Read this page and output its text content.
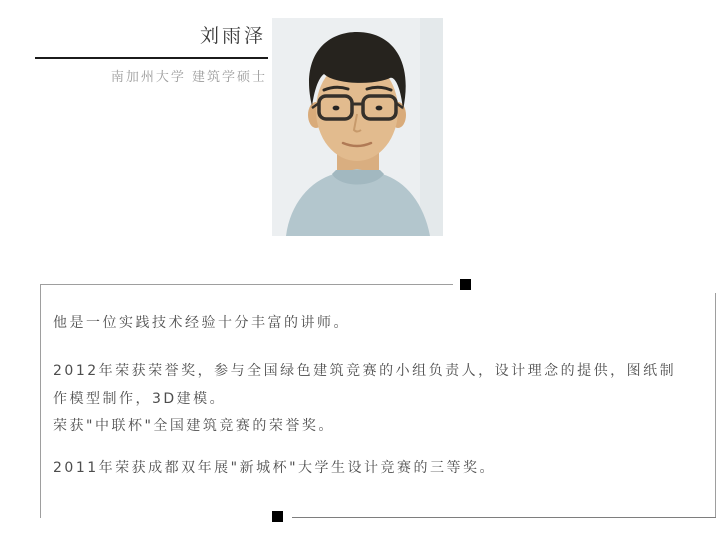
刘雨泽
南加州大学 建筑学硕士
他是一位实践技术经验十分丰富的讲师。
2012年荣获荣誉奖，参与全国绿色建筑竞赛的小组负责人，设计理念的提供，图纸制
作模型制作，3D建模。
荣获"中联杯"全国建筑竞赛的荣誉奖。
2011年荣获成都双年展"新城杯"大学生设计竞赛的三等奖。
